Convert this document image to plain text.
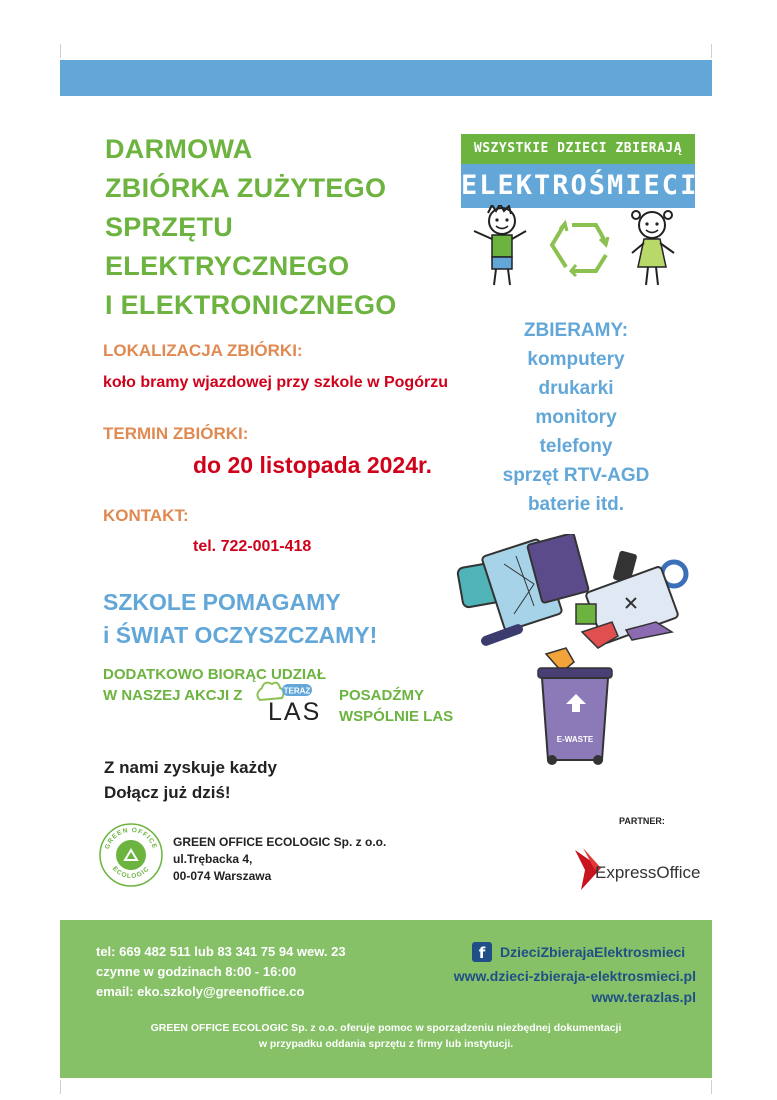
DARMOWA
ZBIÓRKA ZUŻYTEGO
SPRZĘTU
ELEKTRYCZNEGO
I ELEKTRONICZNEGO
WSZYSTKIE DZIECI ZBIERAJĄ
ELEKTROŚMIECI
LOKALIZACJA ZBIÓRKI:
koło bramy wjazdowej przy szkole w Pogórzu
TERMIN ZBIÓRKI:
do 20 listopada 2024r.
KONTAKT:
tel. 722-001-418
ZBIERAMY:
komputery
drukarki
monitory
telefony
sprzęt RTV-AGD
baterie itd.
E-WASTE
SZKOLE POMAGAMY
i ŚWIAT OCZYSZCZAMY!
DODATKOWO BIORĄC UDZIAŁ
W NASZEJ AKCJI Z	POSADŹMY
WSPÓLNIE LAS
TERAZ
LAS
Z nami zyskuje każdy
Dołącz już dziś!
GREEN OFFICE
ECOLOGIC
GREEN OFFICE ECOLOGIC Sp. z o.o.
ul.Trębacka 4,
00-074 Warszawa
PARTNER:
ExpressOffice
tel: 669 482 511 lub 83 341 75 94 wew. 23
czynne w godzinach 8:00 - 16:00
email: eko.szkoly@greenoffice.co
f	DzieciZbierajaElektrosmieci
www.dzieci-zbieraja-elektrosmieci.pl
www.terazlas.pl
GREEN OFFICE ECOLOGIC Sp. z o.o. oferuje pomoc w sporządzeniu niezbędnej dokumentacji
w przypadku oddania sprzętu z firmy lub instytucji.
